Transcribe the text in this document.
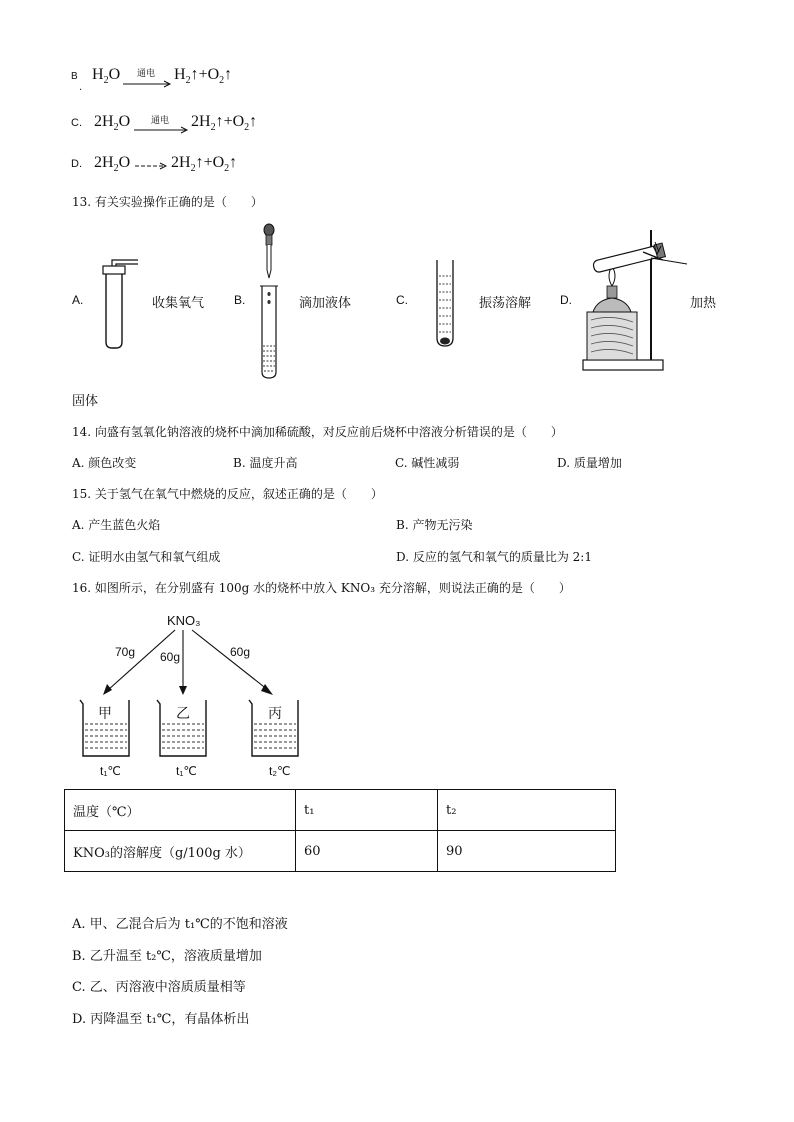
B $H_2O$ 通电 $H_2↑+O_2↑$
.
C. $2H_2O$ 通电 → $2H_2↑+O_2↑$
D. $2H_2O$ → $2H_2↑+O_2↑$
13. 有关实验操作正确的是（　　）
A.	收集氧气 B.	滴加液体	C.	振荡溶解 D.	加热
固体
14. 向盛有氢氧化钠溶液的烧杯中滴加稀硫酸，对反应前后烧杯中溶液分析错误的是（　　）
A. 颜色改变	B. 温度升高	C. 碱性减弱	D. 质量增加
15. 关于氢气在氧气中燃烧的反应，叙述正确的是（　　）
A. 产生蓝色火焰	B. 产物无污染
C. 证明水由氢气和氧气组成	D. 反应的氢气和氧气的质量比为 2:1
16. 如图所示，在分别盛有 100g 水的烧杯中放入 KNO₃ 充分溶解，则说法正确的是（　　）
KNO₃
70g 60g	60g
甲
t₁℃
乙
t₁℃
丙
t₂℃
温度（℃）	t₁	t₂
KNO₃的溶解度（g/100g 水）	60	90
A. 甲、乙混合后为 t₁℃的不饱和溶液
B. 乙升温至 t₂℃，溶液质量增加
C. 乙、丙溶液中溶质质量相等
D. 丙降温至 t₁℃，有晶体析出
